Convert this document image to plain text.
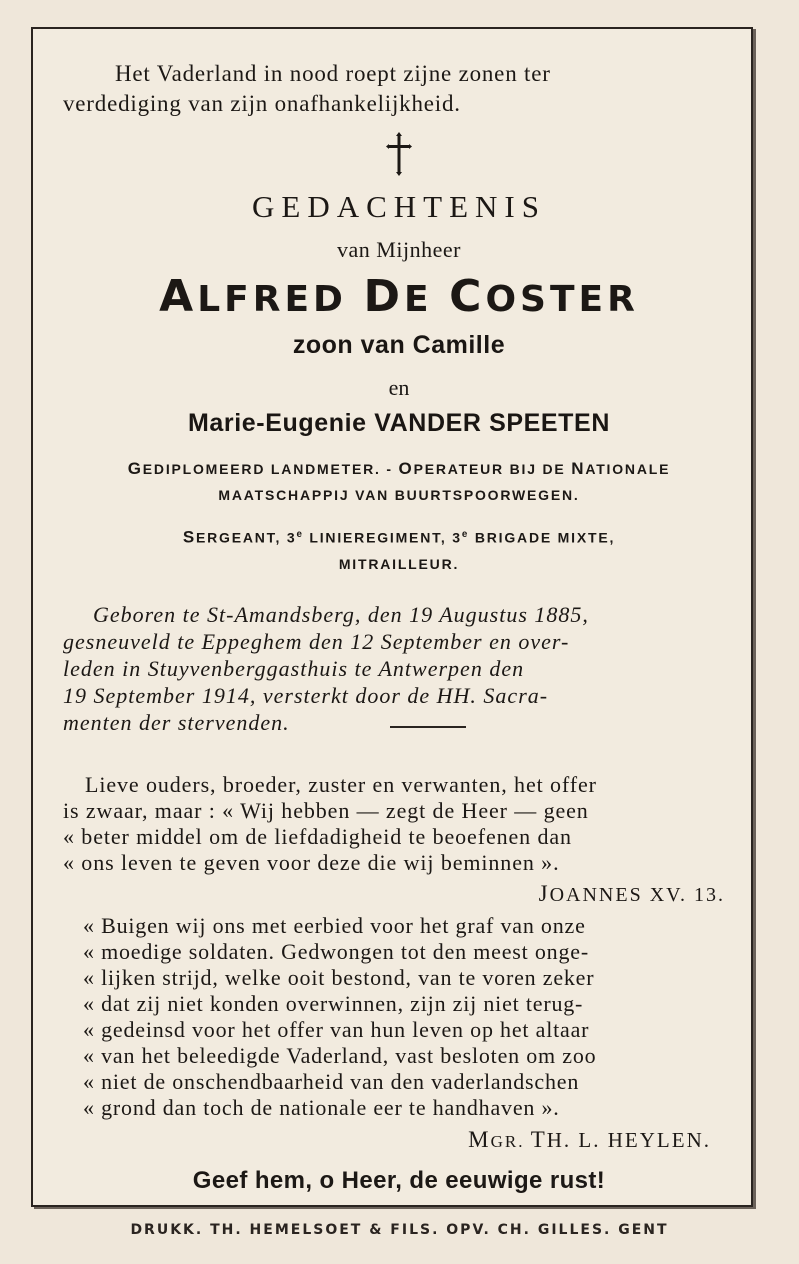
Het Vaderland in nood roept zijne zonen ter
verdediging van zijn onafhankelijkheid.
GEDACHTENIS
van Mijnheer
ALFRED DE COSTER
zoon van Camille
en
Marie-Eugenie VANDER SPEETEN
GEDIPLOMEERD LANDMETER. - OPERATEUR BIJ DE NATIONALE
MAATSCHAPPIJ VAN BUURTSPOORWEGEN.
SERGEANT, 3e LINIEREGIMENT, 3e BRIGADE MIXTE,
MITRAILLEUR.
Geboren te St-Amandsberg, den 19 Augustus 1885,
gesneuveld te Eppeghem den 12 September en over-
leden in Stuyvenberggasthuis te Antwerpen den
19 September 1914, versterkt door de HH. Sacra-
menten der stervenden.
Lieve ouders, broeder, zuster en verwanten, het offer
is zwaar, maar : « Wij hebben — zegt de Heer — geen
« beter middel om de liefdadigheid te beoefenen dan
« ons leven te geven voor deze die wij beminnen ».
JOANNES XV. 13.
« Buigen wij ons met eerbied voor het graf van onze
« moedige soldaten. Gedwongen tot den meest onge-
« lijken strijd, welke ooit bestond, van te voren zeker
« dat zij niet konden overwinnen, zijn zij niet terug-
« gedeinsd voor het offer van hun leven op het altaar
« van het beleedigde Vaderland, vast besloten om zoo
« niet de onschendbaarheid van den vaderlandschen
« grond dan toch de nationale eer te handhaven ».
MGR. TH. L. HEYLEN.
Geef hem, o Heer, de eeuwige rust!
DRUKK. TH. HEMELSOET & FILS. OPV. CH. GILLES. GENT
